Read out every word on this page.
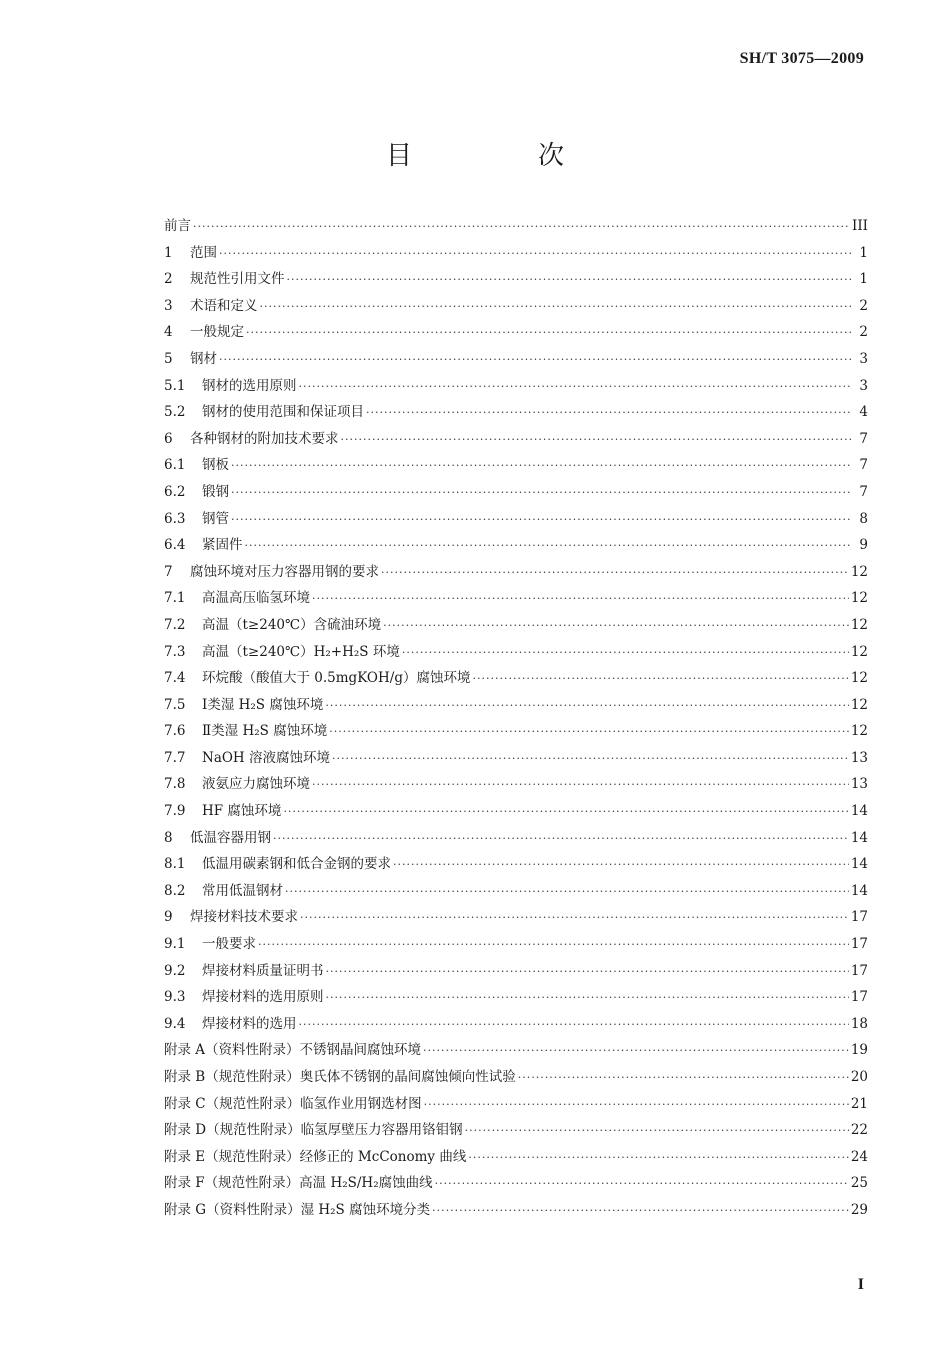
SH/T 3075—2009
目　次
前言 ·····	III
1 范围 ·····	1
2 规范性引用文件 ·····	1
3 术语和定义 ·····	2
4 一般规定 ·····	2
5 钢材 ·····	3
5.1 钢材的选用原则 ·····	3
5.2 钢材的使用范围和保证项目 ·····	4
6 各种钢材的附加技术要求 ·····	7
6.1 钢板 ·····	7
6.2 锻钢 ·····	7
6.3 钢管 ·····	8
6.4 紧固件 ·····	9
7 腐蚀环境对压力容器用钢的要求 ·····	12
7.1 高温高压临氢环境 ·····	12
7.2 高温（t≥240℃）含硫油环境 ·····	12
7.3 高温（t≥240℃）H₂+H₂S 环境 ·····	12
7.4 环烷酸（酸值大于 0.5mgKOH/g）腐蚀环境 ·····	12
7.5 Ⅰ类湿 H₂S 腐蚀环境 ·····	12
7.6 Ⅱ类湿 H₂S 腐蚀环境 ·····	12
7.7 NaOH 溶液腐蚀环境 ·····	13
7.8 液氨应力腐蚀环境 ·····	13
7.9 HF 腐蚀环境 ·····	14
8 低温容器用钢 ·····	14
8.1 低温用碳素钢和低合金钢的要求 ·····	14
8.2 常用低温钢材 ·····	14
9 焊接材料技术要求 ·····	17
9.1 一般要求 ·····	17
9.2 焊接材料质量证明书 ·····	17
9.3 焊接材料的选用原则 ·····	17
9.4 焊接材料的选用 ·····	18
附录 A（资料性附录）不锈钢晶间腐蚀环境 ·····	19
附录 B（规范性附录）奥氏体不锈钢的晶间腐蚀倾向性试验 ·····	20
附录 C（规范性附录）临氢作业用钢选材图 ·····	21
附录 D（规范性附录）临氢厚壁压力容器用铬钼钢 ·····	22
附录 E（规范性附录）经修正的 McConomy 曲线 ·····	24
附录 F（规范性附录）高温 H₂S/H₂腐蚀曲线 ·····	25
附录 G（资料性附录）湿 H₂S 腐蚀环境分类 ·····	29
I
